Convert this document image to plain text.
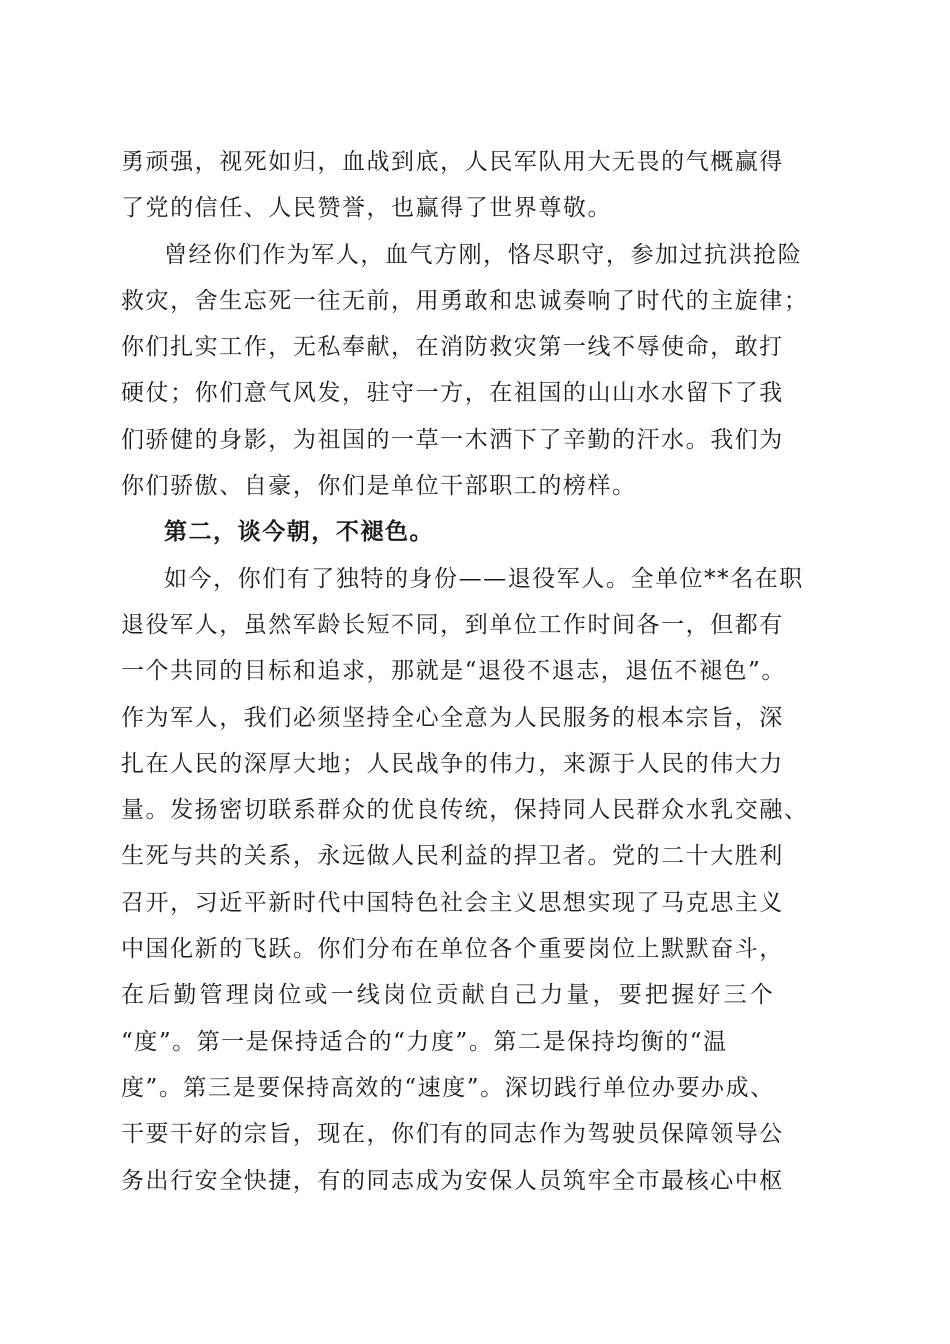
勇顽强，视死如归，血战到底，人民军队用大无畏的气概赢得
了党的信任、人民赞誉，也赢得了世界尊敬。
曾经你们作为军人，血气方刚，恪尽职守，参加过抗洪抢险
救灾，舍生忘死一往无前，用勇敢和忠诚奏响了时代的主旋律；
你们扎实工作，无私奉献，在消防救灾第一线不辱使命，敢打
硬仗；你们意气风发，驻守一方，在祖国的山山水水留下了我
们骄健的身影，为祖国的一草一木洒下了辛勤的汗水。我们为
你们骄傲、自豪，你们是单位干部职工的榜样。
第二，谈今朝，不褪色。
如今，你们有了独特的身份——退役军人。全单位**名在职
退役军人，虽然军龄长短不同，到单位工作时间各一，但都有
一个共同的目标和追求，那就是“退役不退志，退伍不褪色”。
作为军人，我们必须坚持全心全意为人民服务的根本宗旨，深
扎在人民的深厚大地；人民战争的伟力，来源于人民的伟大力
量。发扬密切联系群众的优良传统，保持同人民群众水乳交融、
生死与共的关系，永远做人民利益的捍卫者。党的二十大胜利
召开，习近平新时代中国特色社会主义思想实现了马克思主义
中国化新的飞跃。你们分布在单位各个重要岗位上默默奋斗，
在后勤管理岗位或一线岗位贡献自己力量，要把握好三个
“度”。第一是保持适合的“力度”。第二是保持均衡的“温
度”。第三是要保持高效的“速度”。深切践行单位办要办成、
干要干好的宗旨，现在，你们有的同志作为驾驶员保障领导公
务出行安全快捷，有的同志成为安保人员筑牢全市最核心中枢
